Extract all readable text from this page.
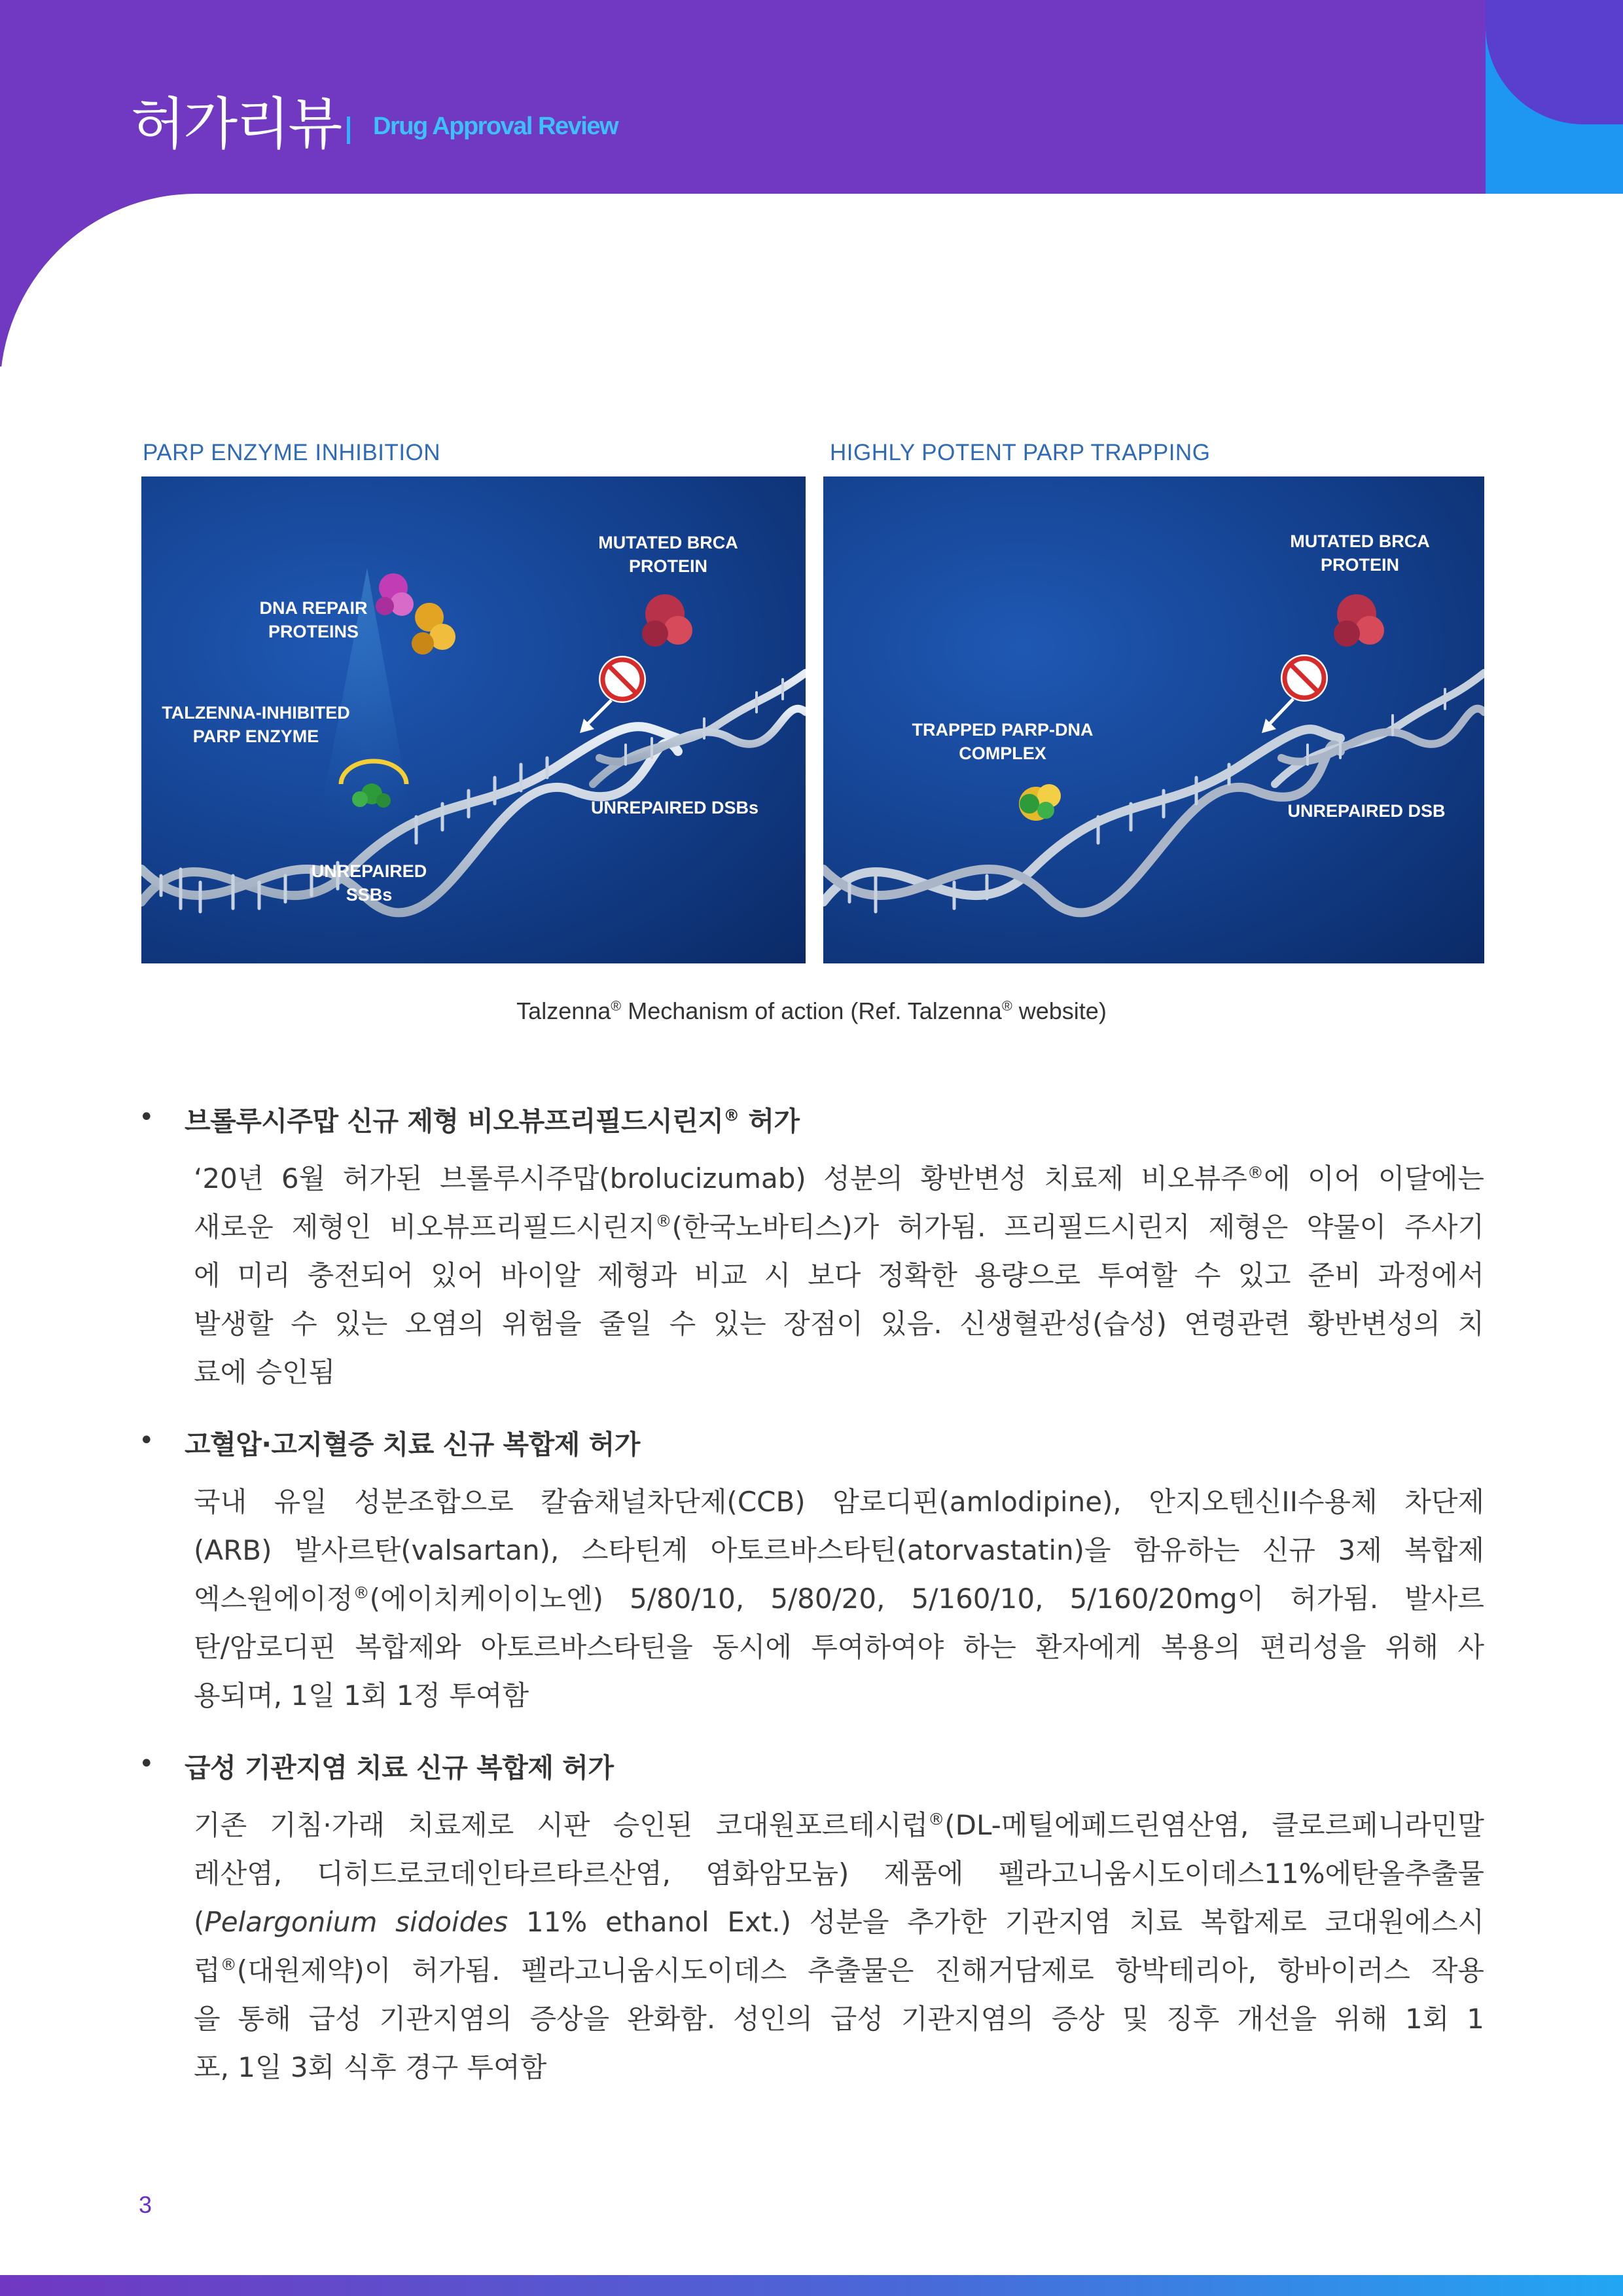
허가리뷰 Drug Approval Review
PARP ENZYME INHIBITION	HIGHLY POTENT PARP TRAPPING
MUTATED BRCA PROTEIN
DNA REPAIR PROTEINS
TALZENNA-INHIBITED PARP ENZYME
UNREPAIRED DSBs
UNREPAIRED SSBs
MUTATED BRCA PROTEIN
TRAPPED PARP-DNA COMPLEX
UNREPAIRED DSB
Talzenna® Mechanism of action (Ref. Talzenna® website)
• 브롤루시주맙 신규 제형 비오뷰프리필드시린지® 허가
‘20년 6월 허가된 브롤루시주맙(brolucizumab) 성분의 황반변성 치료제 비오뷰주®에 이어 이달에는
새로운 제형인 비오뷰프리필드시린지®(한국노바티스)가 허가됨. 프리필드시린지 제형은 약물이 주사기
에 미리 충전되어 있어 바이알 제형과 비교 시 보다 정확한 용량으로 투여할 수 있고 준비 과정에서
발생할 수 있는 오염의 위험을 줄일 수 있는 장점이 있음. 신생혈관성(습성) 연령관련 황반변성의 치
료에 승인됨
• 고혈압·고지혈증 치료 신규 복합제 허가
국내 유일 성분조합으로 칼슘채널차단제(CCB) 암로디핀(amlodipine), 안지오텐신II수용체 차단제
(ARB) 발사르탄(valsartan), 스타틴계 아토르바스타틴(atorvastatin)을 함유하는 신규 3제 복합제
엑스원에이정®(에이치케이이노엔) 5/80/10, 5/80/20, 5/160/10, 5/160/20mg이 허가됨. 발사르
탄/암로디핀 복합제와 아토르바스타틴을 동시에 투여하여야 하는 환자에게 복용의 편리성을 위해 사
용되며, 1일 1회 1정 투여함
• 급성 기관지염 치료 신규 복합제 허가
기존 기침·가래 치료제로 시판 승인된 코대원포르테시럽®(DL-메틸에페드린염산염, 클로르페니라민말
레산염, 디히드로코데인타르타르산염, 염화암모늄) 제품에 펠라고니움시도이데스11%에탄올추출물
(Pelargonium sidoides 11% ethanol Ext.) 성분을 추가한 기관지염 치료 복합제로 코대원에스시
럽®(대원제약)이 허가됨. 펠라고니움시도이데스 추출물은 진해거담제로 항박테리아, 항바이러스 작용
을 통해 급성 기관지염의 증상을 완화함. 성인의 급성 기관지염의 증상 및 징후 개선을 위해 1회 1
포, 1일 3회 식후 경구 투여함
3
